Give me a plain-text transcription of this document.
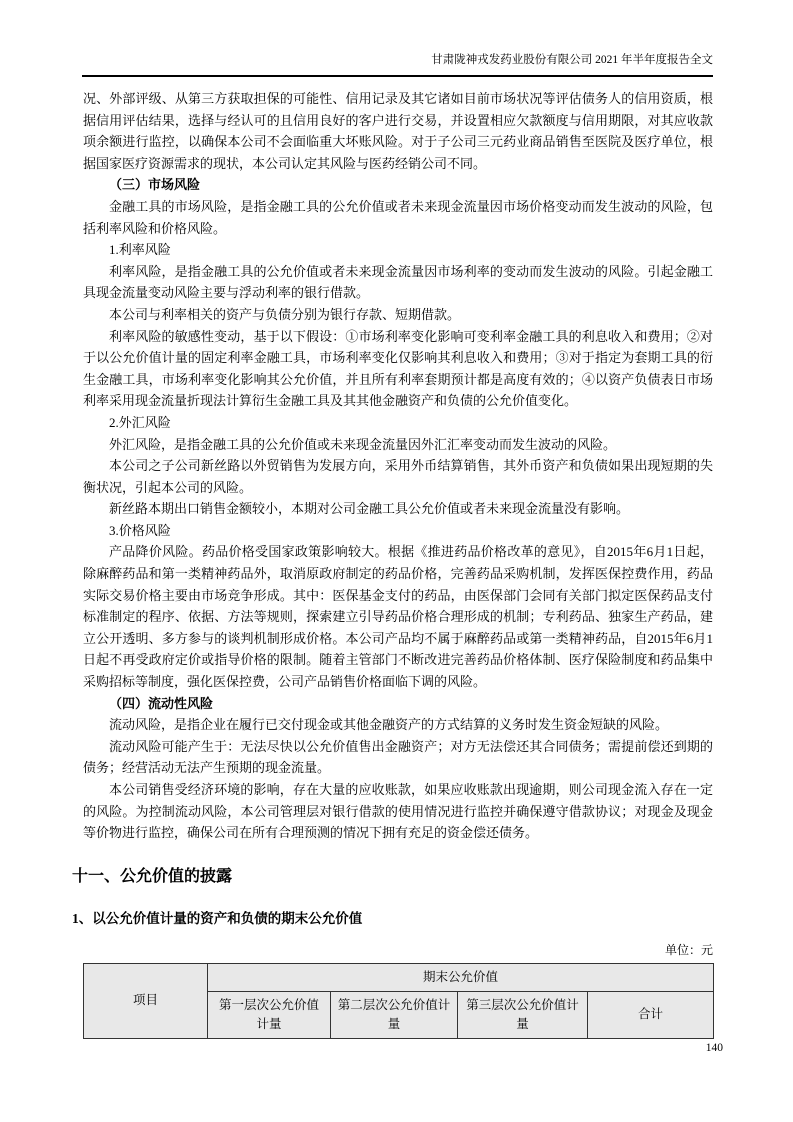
甘肃陇神戎发药业股份有限公司 2021 年半年度报告全文

况、外部评级、从第三方获取担保的可能性、信用记录及其它诸如目前市场状况等评估债务人的信用资质，根据信用评估结果，选择与经认可的且信用良好的客户进行交易，并设置相应欠款额度与信用期限，对其应收款项余额进行监控，以确保本公司不会面临重大坏账风险。对于子公司三元药业商品销售至医院及医疗单位，根据国家医疗资源需求的现状，本公司认定其风险与医药经销公司不同。

（三）市场风险

金融工具的市场风险，是指金融工具的公允价值或者未来现金流量因市场价格变动而发生波动的风险，包括利率风险和价格风险。

1.利率风险

利率风险，是指金融工具的公允价值或者未来现金流量因市场利率的变动而发生波动的风险。引起金融工具现金流量变动风险主要与浮动利率的银行借款。

本公司与利率相关的资产与负债分别为银行存款、短期借款。

利率风险的敏感性变动，基于以下假设：①市场利率变化影响可变利率金融工具的利息收入和费用；②对于以公允价值计量的固定利率金融工具，市场利率变化仅影响其利息收入和费用；③对于指定为套期工具的衍生金融工具，市场利率变化影响其公允价值，并且所有利率套期预计都是高度有效的；④以资产负债表日市场利率采用现金流量折现法计算衍生金融工具及其其他金融资产和负债的公允价值变化。

2.外汇风险

外汇风险，是指金融工具的公允价值或未来现金流量因外汇汇率变动而发生波动的风险。

本公司之子公司新丝路以外贸销售为发展方向，采用外币结算销售，其外币资产和负债如果出现短期的失衡状况，引起本公司的风险。

新丝路本期出口销售金额较小，本期对公司金融工具公允价值或者未来现金流量没有影响。

3.价格风险

产品降价风险。药品价格受国家政策影响较大。根据《推进药品价格改革的意见》，自2015年6月1日起，除麻醉药品和第一类精神药品外，取消原政府制定的药品价格，完善药品采购机制，发挥医保控费作用，药品实际交易价格主要由市场竞争形成。其中：医保基金支付的药品，由医保部门会同有关部门拟定医保药品支付标准制定的程序、依据、方法等规则，探索建立引导药品价格合理形成的机制；专利药品、独家生产药品，建立公开透明、多方参与的谈判机制形成价格。本公司产品均不属于麻醉药品或第一类精神药品，自2015年6月1日起不再受政府定价或指导价格的限制。随着主管部门不断改进完善药品价格体制、医疗保险制度和药品集中采购招标等制度，强化医保控费，公司产品销售价格面临下调的风险。

（四）流动性风险

流动风险，是指企业在履行已交付现金或其他金融资产的方式结算的义务时发生资金短缺的风险。

流动风险可能产生于：无法尽快以公允价值售出金融资产；对方无法偿还其合同债务；需提前偿还到期的债务；经营活动无法产生预期的现金流量。

本公司销售受经济环境的影响，存在大量的应收账款，如果应收账款出现逾期，则公司现金流入存在一定的风险。为控制流动风险，本公司管理层对银行借款的使用情况进行监控并确保遵守借款协议；对现金及现金等价物进行监控，确保公司在所有合理预测的情况下拥有充足的资金偿还债务。

十一、公允价值的披露

1、以公允价值计量的资产和负债的期末公允价值

单位：元

项目	期末公允价值			
	第一层次公允价值计量	第二层次公允价值计量	第三层次公允价值计量	合计
140
